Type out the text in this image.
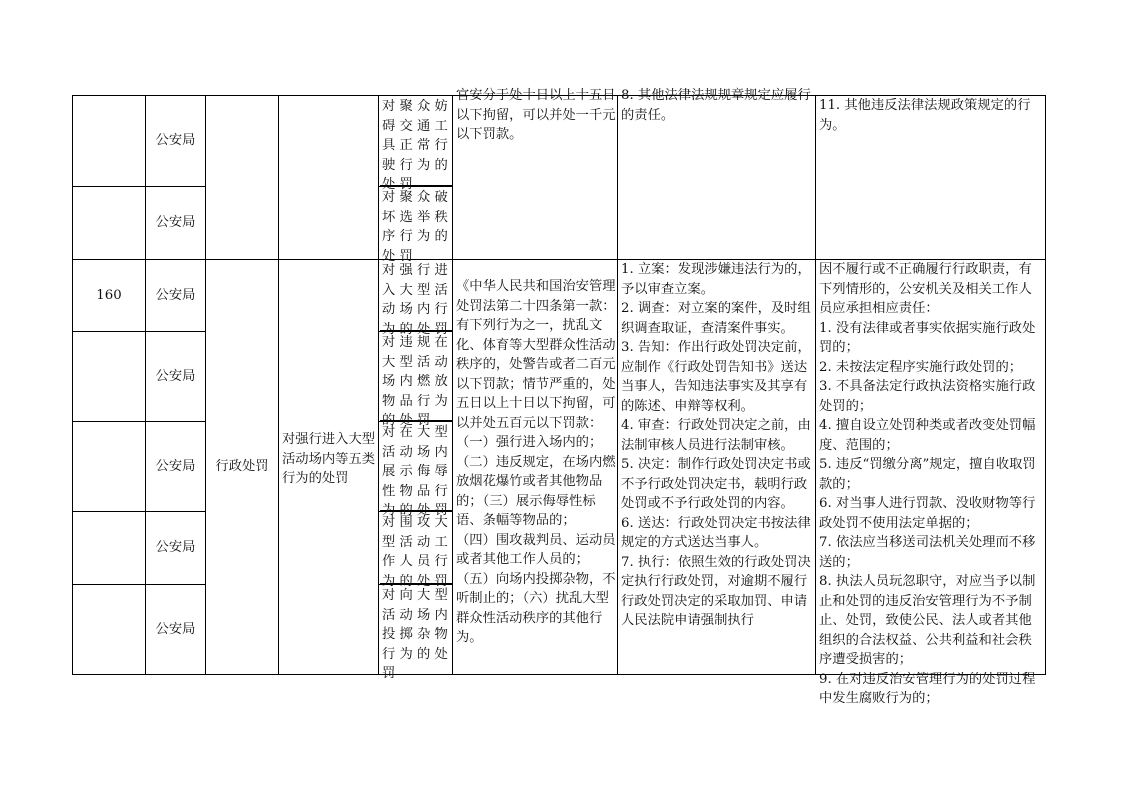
公安局
对聚众妨碍交通工具正常行驶行为的处罚
官安分于处十日以上十五日以下拘留，可以并处一千元以下罚款。
8. 其他法律法规规章规定应履行的责任。
11. 其他违反法律法规政策规定的行为。
公安局
对聚众破坏选举秩序行为的处罚
160	公安局
对强行进入大型活动场内行为的处罚
行政处罚
对强行进入大型活动场内等五类行为的处罚
公安局
对违规在大型活动场内燃放物品行为的处罚
公安局
对在大型活动场内展示侮辱性物品行为的处罚
公安局
对围攻大型活动工作人员行为的处罚
公安局
对向大型活动场内投掷杂物行为的处罚
《中华人民共和国治安管理处罚法第二十四条第一款：有下列行为之一，扰乱文化、体育等大型群众性活动秩序的，处警告或者二百元以下罚款；情节严重的，处五日以上十日以下拘留，可以并处五百元以下罚款：
（一）强行进入场内的；
（二）违反规定，在场内燃放烟花爆竹或者其他物品的；（三）展示侮辱性标语、条幅等物品的；
（四）围攻裁判员、运动员或者其他工作人员的；
（五）向场内投掷杂物，不听制止的；（六）扰乱大型群众性活动秩序的其他行为。
1. 立案：发现涉嫌违法行为的，予以审查立案。
2. 调查：对立案的案件，及时组织调查取证，查清案件事实。
3. 告知：作出行政处罚决定前，应制作《行政处罚告知书》送达当事人，告知违法事实及其享有的陈述、申辩等权利。
4. 审查：行政处罚决定之前，由法制审核人员进行法制审核。
5. 决定：制作行政处罚决定书或不予行政处罚决定书，载明行政处罚或不予行政处罚的内容。
6. 送达：行政处罚决定书按法律规定的方式送达当事人。
7. 执行：依照生效的行政处罚决定执行行政处罚，对逾期不履行行政处罚决定的采取加罚、申请人民法院申请强制执行
因不履行或不正确履行行政职责，有下列情形的，公安机关及相关工作人员应承担相应责任：
1. 没有法律或者事实依据实施行政处罚的；
2. 未按法定程序实施行政处罚的；
3. 不具备法定行政执法资格实施行政处罚的；
4. 擅自设立处罚种类或者改变处罚幅度、范围的；
5. 违反“罚缴分离”规定，擅自收取罚款的；
6. 对当事人进行罚款、没收财物等行政处罚不使用法定单据的；
7. 依法应当移送司法机关处理而不移送的；
8. 执法人员玩忽职守，对应当予以制止和处罚的违反治安管理行为不予制止、处罚，致使公民、法人或者其他组织的合法权益、公共利益和社会秩序遭受损害的；
9. 在对违反治安管理行为的处罚过程中发生腐败行为的；
